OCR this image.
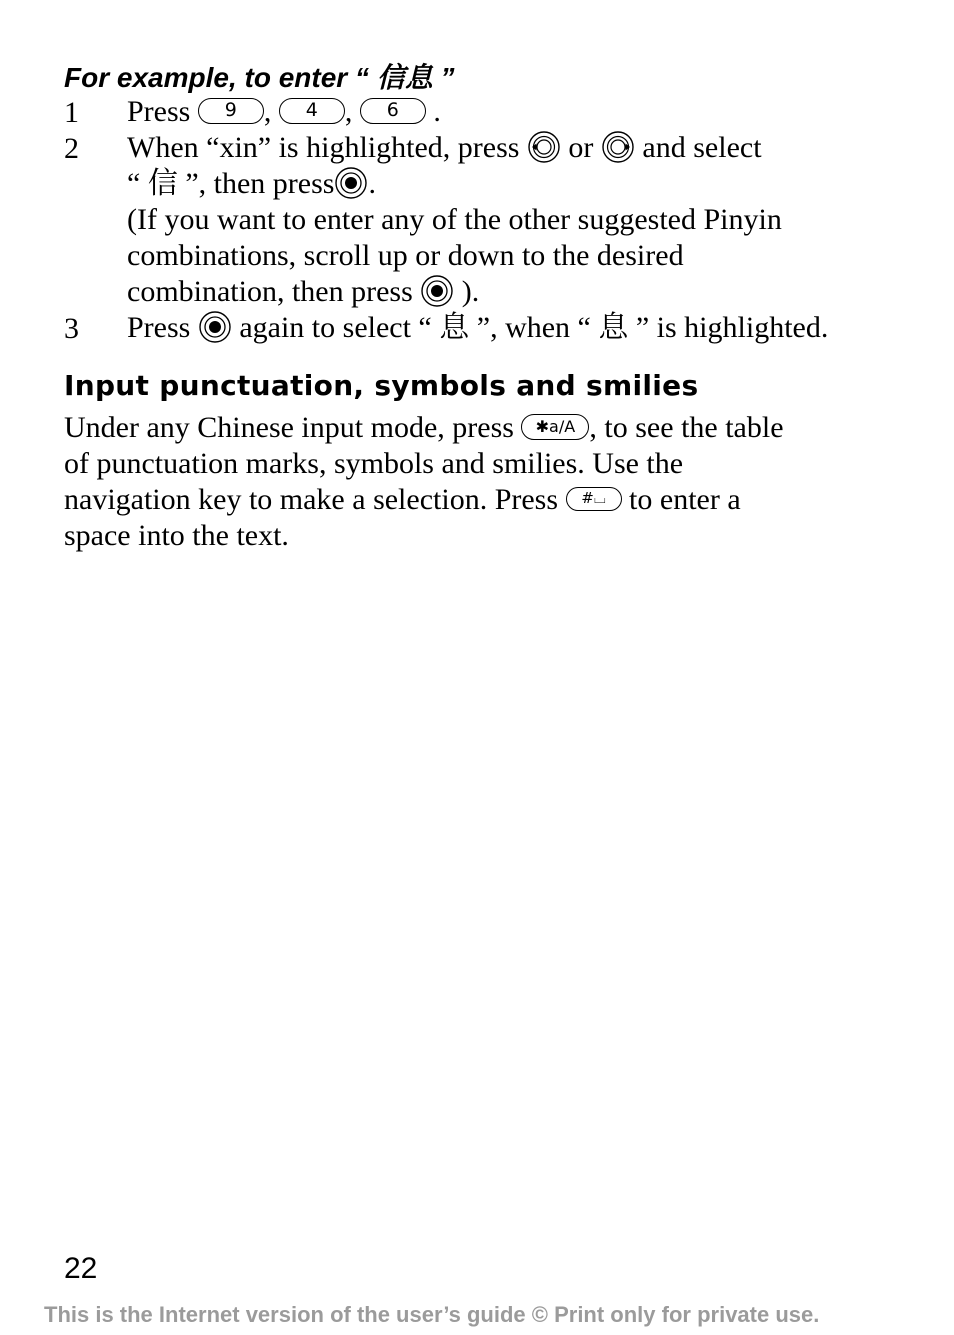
For example, to enter “ 信息 ”
1 Press 9 , 4 , 6 .
2 When “xin” is highlighted, press or and select
“ 信 ”, then press .
(If you want to enter any of the other suggested Pinyin
combinations, scroll up or down to the desired
combination, then press ).
3 Press again to select “ 息 ”, when “ 息 ” is highlighted.
Input punctuation, symbols and smilies
Under any Chinese input mode, press ✱a/A , to see the table
of punctuation marks, symbols and smilies. Use the
navigation key to make a selection. Press #⌴ to enter a
space into the text.
22
This is the Internet version of the user’s guide © Print only for private use.
